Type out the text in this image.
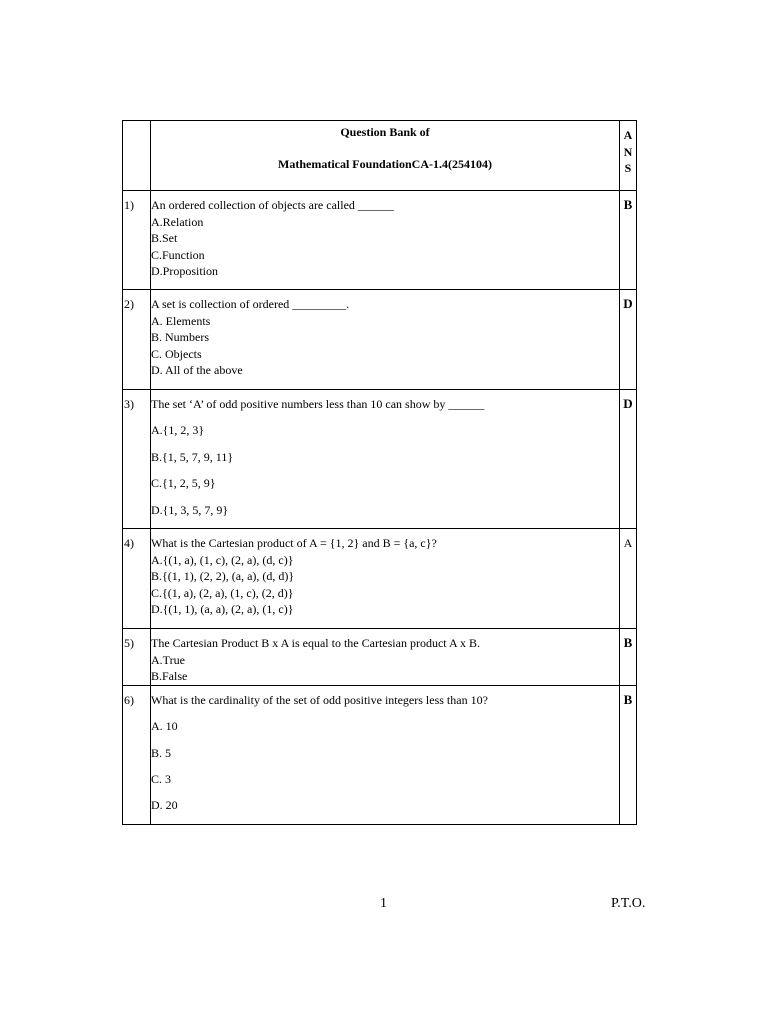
	Question Bank of
Mathematical FoundationCA-1.4(254104)	A
N
S

1)	An ordered collection of objects are called ______
A.Relation
B.Set
C.Function
D.Proposition	B
2)	A set is collection of ordered _________.
A. Elements
B. Numbers
C. Objects
D. All of the above	D
3)	The set ‘A’ of odd positive numbers less than 10 can show by ______
A.{1, 2, 3}
B.{1, 5, 7, 9, 11}
C.{1, 2, 5, 9}
D.{1, 3, 5, 7, 9}	D
4)	What is the Cartesian product of A = {1, 2} and B = {a, c}?
A.{(1, a), (1, c), (2, a), (d, c)}
B.{(1, 1), (2, 2), (a, a), (d, d)}
C.{(1, a), (2, a), (1, c), (2, d)}
D.{(1, 1), (a, a), (2, a), (1, c)}	A
5)	The Cartesian Product B x A is equal to the Cartesian product A x B.
A.True
B.False	B
6)	What is the cardinality of the set of odd positive integers less than 10?
A. 10
B. 5
C. 3
D. 20	B
1	P.T.O.
